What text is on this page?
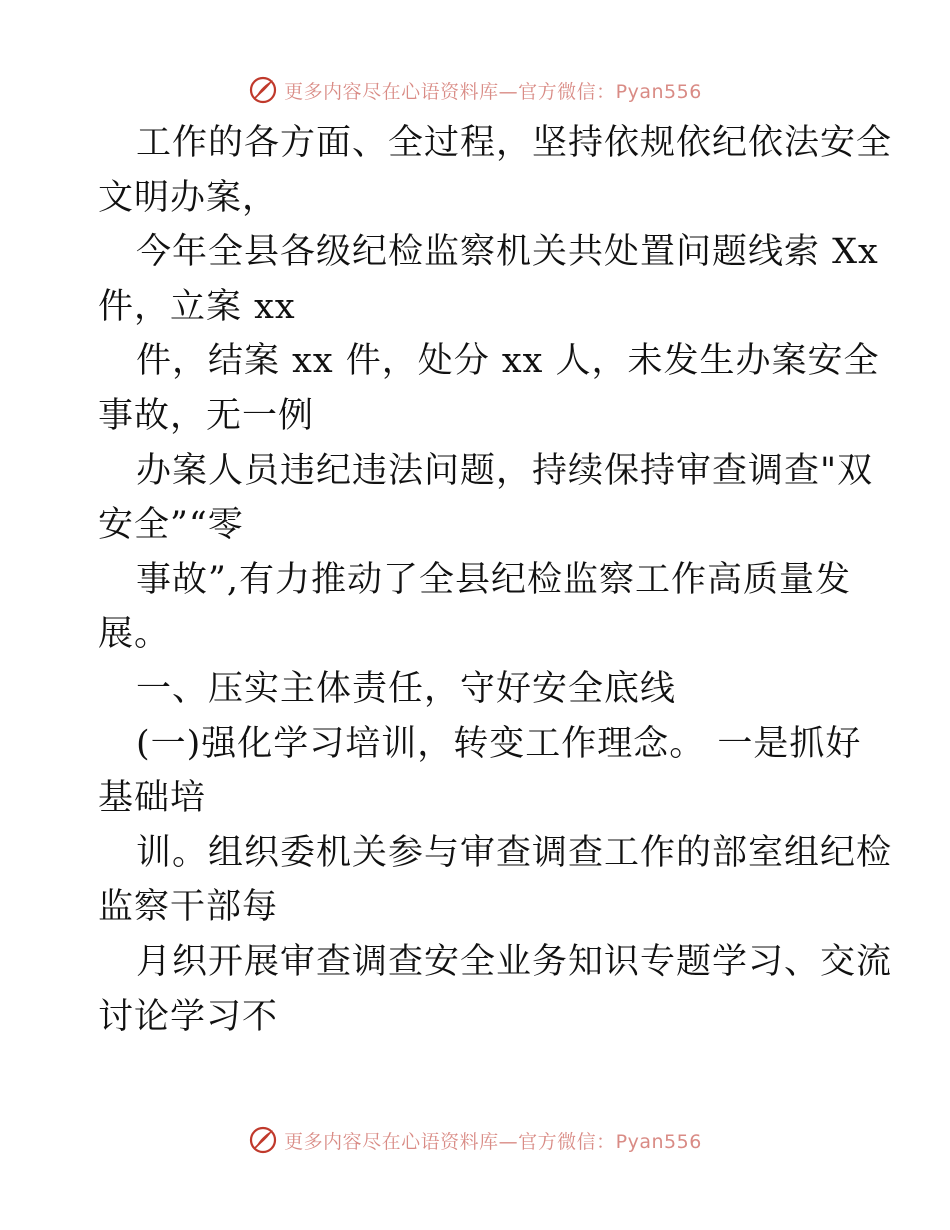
更多内容尽在心语资料库—官方微信：Pyan556
工作的各方面、全过程，坚持依规依纪依法安全
文明办案，
今年全县各级纪检监察机关共处置问题线索 Xx
件，立案 xx
件，结案 xx 件，处分 xx 人，未发生办案安全
事故，无一例
办案人员违纪违法问题，持续保持审查调查"双
安全”“零
事故”,有力推动了全县纪检监察工作高质量发
展。
一、压实主体责任，守好安全底线
(一)强化学习培训，转变工作理念。 一是抓好
基础培
训。组织委机关参与审查调查工作的部室组纪检
监察干部每
月织开展审查调查安全业务知识专题学习、交流
讨论学习不
更多内容尽在心语资料库—官方微信：Pyan556
